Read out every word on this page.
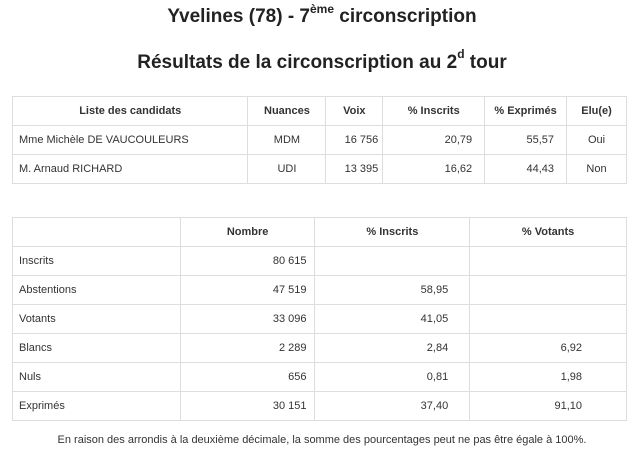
Yvelines (78) - 7ème circonscription
Résultats de la circonscription au 2$^d$ tour
Liste des candidats	Nuances	Voix	% Inscrits	% Exprimés	Elu(e)
Mme Michèle DE VAUCOULEURS	MDM	16 756	20,79	55,57	Oui
M. Arnaud RICHARD	UDI	13 395	16,62	44,43	Non
	Nombre	% Inscrits	% Votants
Inscrits	80 615		
Abstentions	47 519	58,95	
Votants	33 096	41,05	
Blancs	2 289	2,84	6,92
Nuls	656	0,81	1,98
Exprimés	30 151	37,40	91,10

En raison des arrondis à la deuxième décimale, la somme des pourcentages peut ne pas être égale à 100%.
